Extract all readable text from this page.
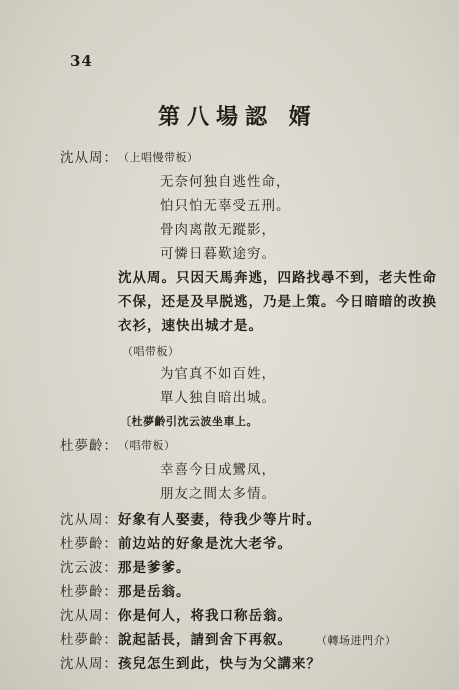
34
第八場認 婿
沈从周： （上唱慢带板）
无奈何独自逃性命，
怕只怕无辜受五刑。
骨肉离散无蹤影，
可憐日暮歎途穷。
沈从周。只因天馬奔逃，四路找尋不到，老夫性命
不保，还是及早脱逃，乃是上策。今日暗暗的改换
衣衫，速快出城才是。
（唱带板）
为官真不如百姓，
單人独自暗出城。
〔杜夢齡引沈云波坐車上。
杜夢齡： （唱带板）
幸喜今日成鸞凤，
朋友之間太多情。
沈从周： 好象有人娶妻，待我少等片时。
杜夢齡： 前边站的好象是沈大老爷。
沈云波： 那是爹爹。
杜夢齡： 那是岳翁。
沈从周： 你是何人，将我口称岳翁。
杜夢齡： 說起話長，請到舍下再叙。 （轉场进門介）
沈从周： 孩兒怎生到此，快与为父講来？
